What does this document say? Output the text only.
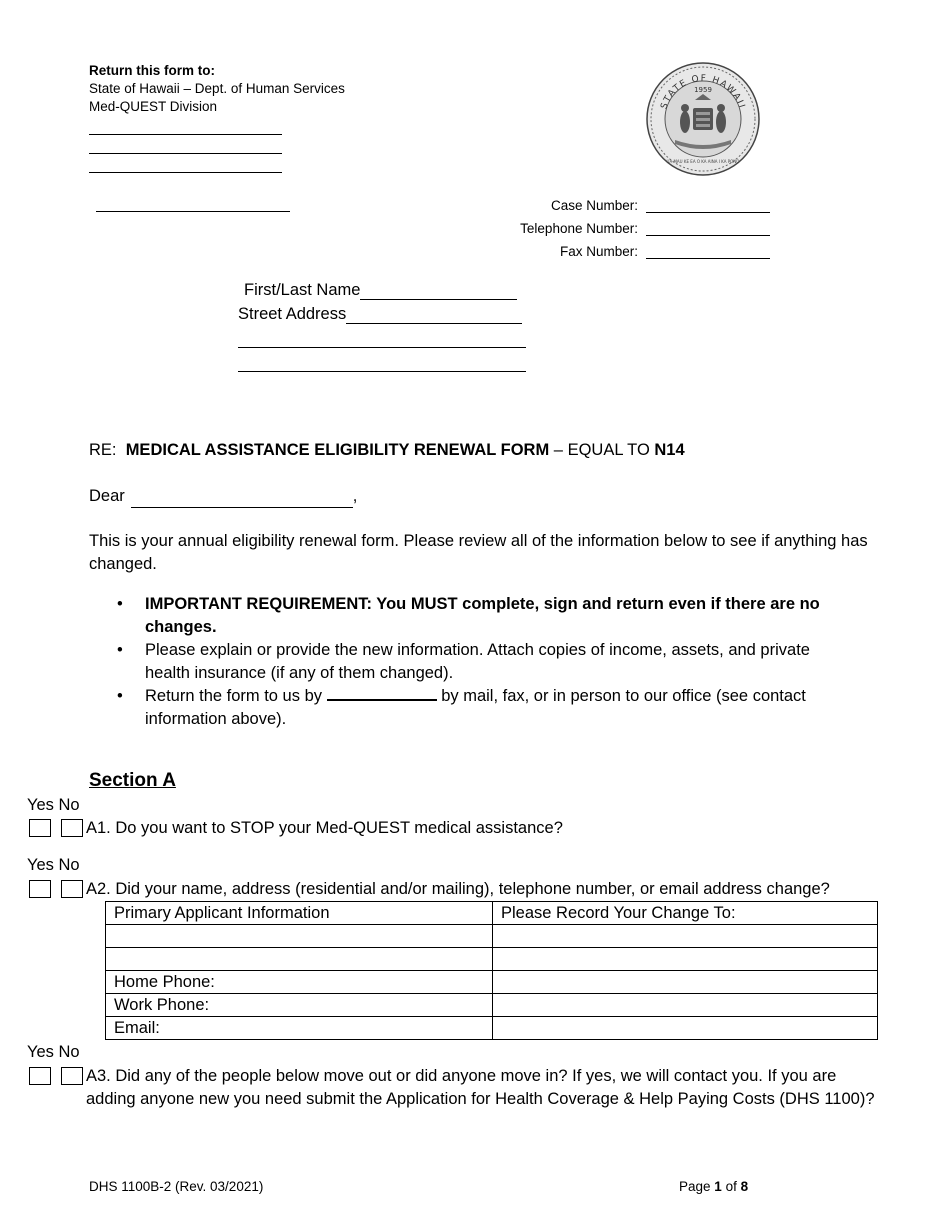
Return this form to:
State of Hawaii – Dept. of Human Services
Med-QUEST Division	STATE OF HAWAII
1959
UA MAU KE EA O KA AINA I KA PONO
Case Number:
Telephone Number:
Fax Number:
First/Last Name
Street Address
RE: MEDICAL ASSISTANCE ELIGIBILITY RENEWAL FORM – EQUAL TO N14
Dear	,
This is your annual eligibility renewal form. Please review all of the information below to see if anything has changed.
• IMPORTANT REQUIREMENT: You MUST complete, sign and return even if there are no changes.
• Please explain or provide the new information. Attach copies of income, assets, and private health insurance (if any of them changed).
• Return the form to us by	by mail, fax, or in person to our office (see contact information above).
Section A
Yes No
A1. Do you want to STOP your Med-QUEST medical assistance?
Yes No
A2. Did your name, address (residential and/or mailing), telephone number, or email address change?
Primary Applicant Information	Please Record Your Change To:

Home Phone:	
Work Phone:	
Email:	
Yes No
A3. Did any of the people below move out or did anyone move in? If yes, we will contact you. If you are adding anyone new you need submit the Application for Health Coverage & Help Paying Costs (DHS 1100)?
DHS 1100B-2 (Rev. 03/2021)	Page 1 of 8
